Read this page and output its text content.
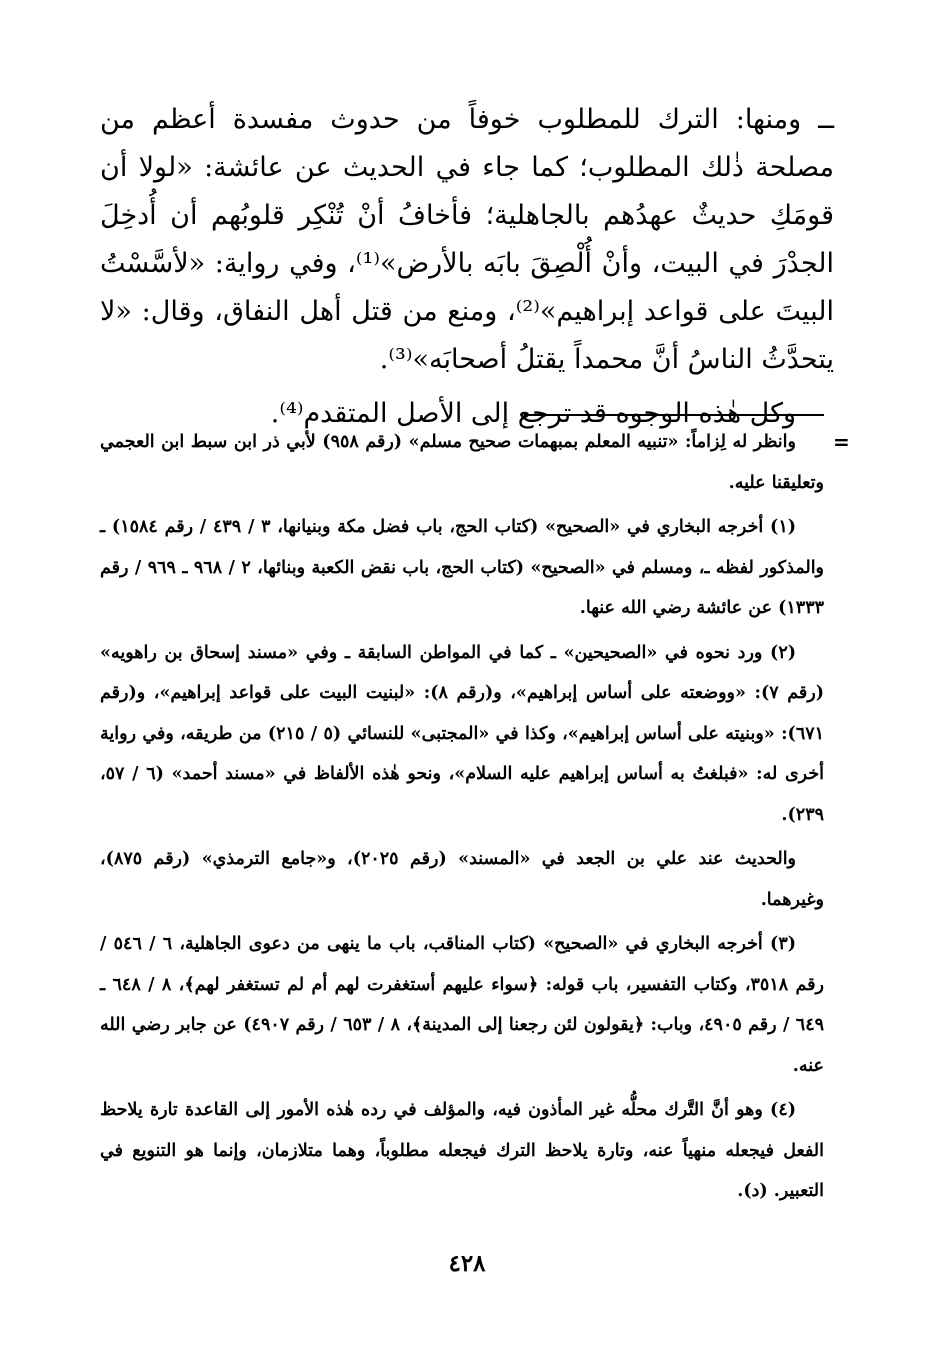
ــ ومنها: الترك للمطلوب خوفاً من حدوث مفسدة أعظم من مصلحة ذٰلك المطلوب؛ كما جاء في الحديث عن عائشة: «لولا أن قومَكِ حديثٌ عهدُهم بالجاهلية؛ فأخافُ أنْ تُنْكِر قلوبُهم أن أُدخِلَ الجدْرَ في البيت، وأنْ أُلْصِقَ بابَه بالأرض»⁽¹⁾، وفي رواية: «لأسَّسْتُ البيتَ على قواعد إبراهيم»⁽²⁾، ومنع من قتل أهل النفاق، وقال: «لا يتحدَّثُ الناسُ أنَّ محمداً يقتلُ أصحابَه»⁽³⁾.

وكل هٰذه الوجوه قد ترجع إلى الأصل المتقدم⁽⁴⁾.

=

وانظر له لِزاماً: «تنبيه المعلم بمبهمات صحيح مسلم» (رقم ٩٥٨) لأبي ذر ابن سبط ابن العجمي وتعليقنا عليه.

(١) أخرجه البخاري في «الصحيح» (كتاب الحج، باب فضل مكة وبنيانها، ٣ / ٤٣٩ / رقم ١٥٨٤) ـ والمذكور لفظه ـ، ومسلم في «الصحيح» (كتاب الحج، باب نقض الكعبة وبنائها، ٢ / ٩٦٨ ـ ٩٦٩ / رقم ١٣٣٣) عن عائشة رضي الله عنها.

(٢) ورد نحوه في «الصحيحين» ـ كما في المواطن السابقة ـ وفي «مسند إسحاق بن راهويه» (رقم ٧): «ووضعته على أساس إبراهيم»، و(رقم ٨): «لبنيت البيت على قواعد إبراهيم»، و(رقم ٦٧١): «وبنيته على أساس إبراهيم»، وكذا في «المجتبى» للنسائي (٥ / ٢١٥) من طريقه، وفي رواية أخرى له: «فبلغتُ به أساس إبراهيم عليه السلام»، ونحو هٰذه الألفاظ في «مسند أحمد» (٦ / ٥٧، ٢٣٩).

والحديث عند علي بن الجعد في «المسند» (رقم ٢٠٢٥)، و«جامع الترمذي» (رقم ٨٧٥)، وغيرهما.

(٣) أخرجه البخاري في «الصحيح» (كتاب المناقب، باب ما ينهى من دعوى الجاهلية، ٦ / ٥٤٦ / رقم ٣٥١٨، وكتاب التفسير، باب قوله: ﴿سواء عليهم أستغفرت لهم أم لم تستغفر لهم﴾، ٨ / ٦٤٨ ـ ٦٤٩ / رقم ٤٩٠٥، وباب: ﴿يقولون لئن رجعنا إلى المدينة﴾، ٨ / ٦٥٣ / رقم ٤٩٠٧) عن جابر رضي الله عنه.

(٤) وهو أنَّ التَّرك محلُّه غير المأذون فيه، والمؤلف في رده هٰذه الأمور إلى القاعدة تارة يلاحظ الفعل فيجعله منهياً عنه، وتارة يلاحظ الترك فيجعله مطلوباً، وهما متلازمان، وإنما هو التنويع في التعبير. (د).

٤٢٨
